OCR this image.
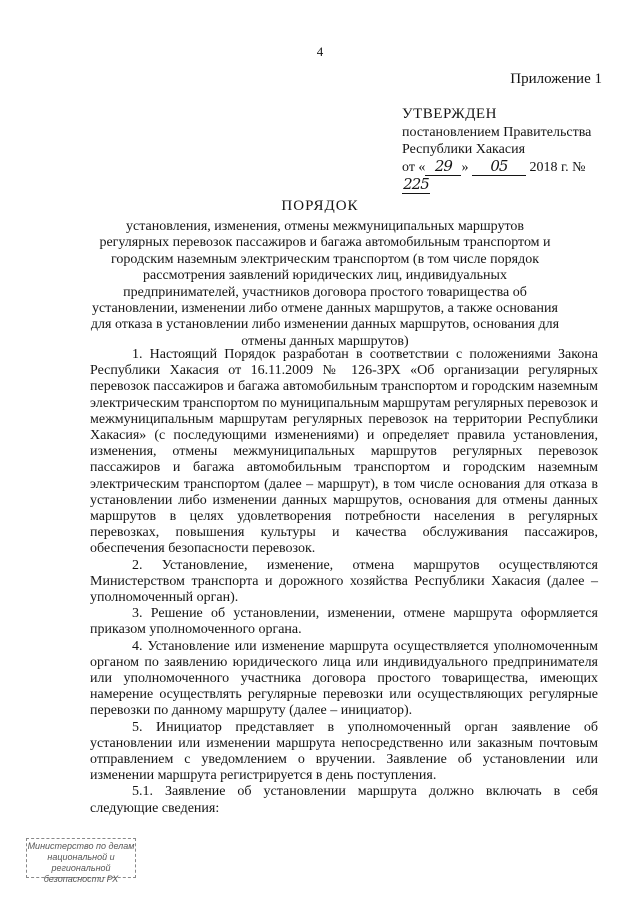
4
Приложение 1
УТВЕРЖДЕН
постановлением Правительства
Республики Хакасия
от « 29 » 05 2018 г. №225
ПОРЯДОК
установления, изменения, отмены межмуниципальных маршрутов регулярных перевозок пассажиров и багажа автомобильным транспортом и городским наземным электрическим транспортом (в том числе порядок рассмотрения заявлений юридических лиц, индивидуальных предпринимателей, участников договора простого товарищества об установлении, изменении либо отмене данных маршрутов, а также основания для отказа в установлении либо изменении данных маршрутов, основания для отмены данных маршрутов)

1. Настоящий Порядок разработан в соответствии с положениями Закона Республики Хакасия от 16.11.2009 № 126-ЗРХ «Об организации регулярных перевозок пассажиров и багажа автомобильным транспортом и городским наземным электрическим транспортом по муниципальным маршрутам регулярных перевозок и межмуниципальным маршрутам регулярных перевозок на территории Республики Хакасия» (с последующими изменениями) и определяет правила установления, изменения, отмены межмуниципальных маршрутов регулярных перевозок пассажиров и багажа автомобильным транспортом и городским наземным электрическим транспортом (далее – маршрут), в том числе основания для отказа в установлении либо изменении данных маршрутов, основания для отмены данных маршрутов в целях удовлетворения потребности населения в регулярных перевозках, повышения культуры и качества обслуживания пассажиров, обеспечения безопасности перевозок.

2. Установление, изменение, отмена маршрутов осуществляются Министерством транспорта и дорожного хозяйства Республики Хакасия (далее – уполномоченный орган).

3. Решение об установлении, изменении, отмене маршрута оформляется приказом уполномоченного органа.

4. Установление или изменение маршрута осуществляется уполномоченным органом по заявлению юридического лица или индивидуального предпринимателя или уполномоченного участника договора простого товарищества, имеющих намерение осуществлять регулярные перевозки или осуществляющих регулярные перевозки по данному маршруту (далее – инициатор).

5. Инициатор представляет в уполномоченный орган заявление об установлении или изменении маршрута непосредственно или заказным почтовым отправлением с уведомлением о вручении. Заявление об установлении или изменении маршрута регистрируется в день поступления.

5.1. Заявление об установлении маршрута должно включать в себя следующие сведения:

Министерство по делам
национальной и региональной
безопасности РХ
